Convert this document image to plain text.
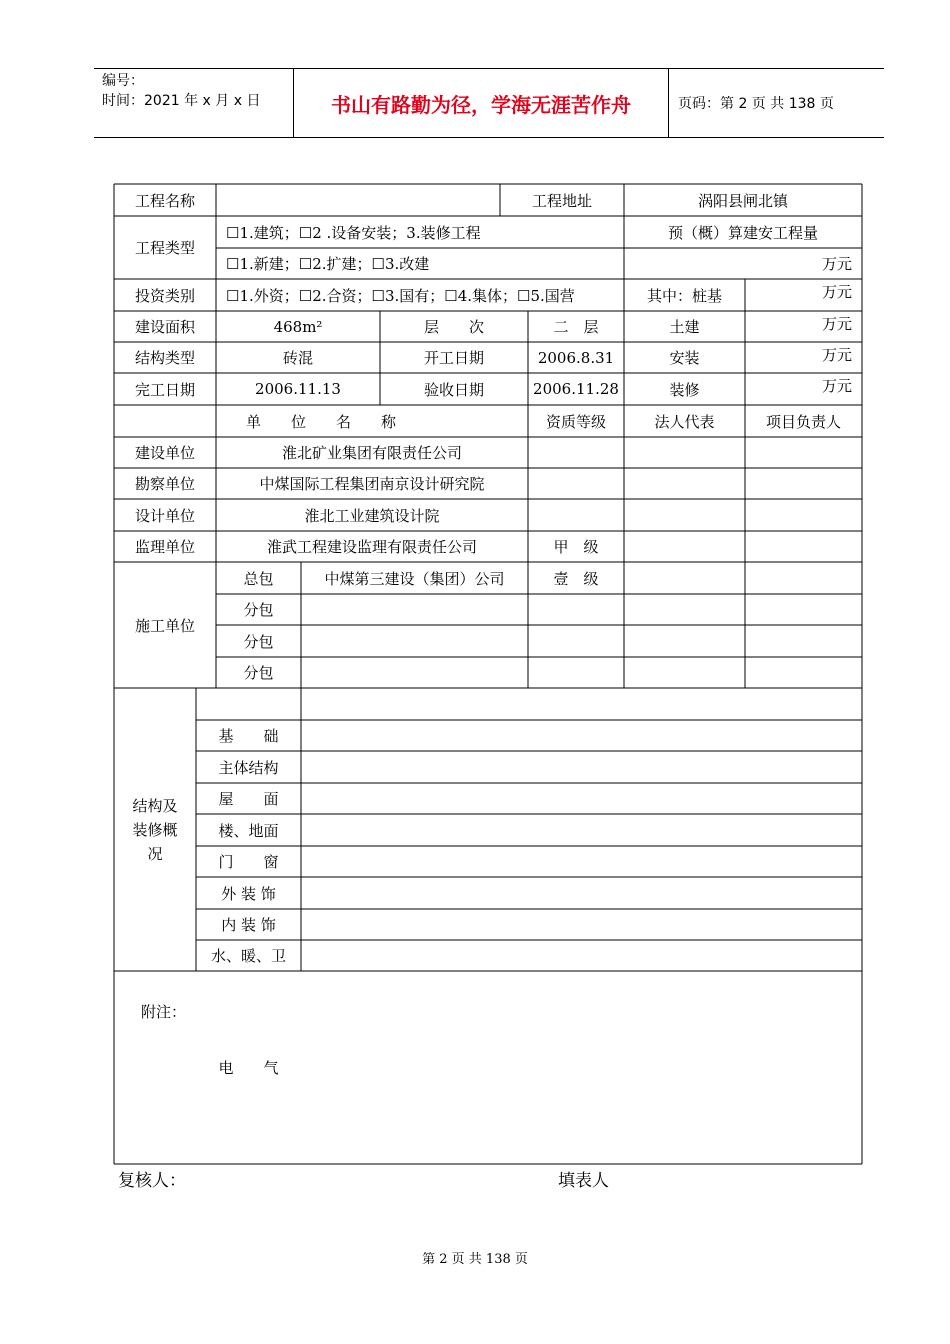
编号：
时间：2021 年 x 月 x 日	书山有路勤为径，学海无涯苦作舟	页码：第 2 页 共 138 页
工程名称	工程地址	涡阳县闸北镇
工程类型
☐1.建筑；☐2 .设备安装；3.装修工程	预（概）算建安工程量
☐1.新建；☐2.扩建；☐3.改建	万元
投资类别	☐1.外资；☐2.合资；☐3.国有；☐4.集体；☐5.国营	其中：桩基	万元
建设面积	468m²	层　　次	二　层	土建	万元
结构类型	砖混	开工日期	2006.8.31	安装	万元
完工日期	2006.11.13	验收日期	2006.11.28	装修	万元
单　　位　　名　　称	资质等级	法人代表	项目负责人
建设单位	淮北矿业集团有限责任公司
勘察单位	中煤国际工程集团南京设计研究院
设计单位	淮北工业建筑设计院
监理单位	淮武工程建设监理有限责任公司	甲　级
施工单位
总包	中煤第三建设（集团）公司	壹　级
分包
分包
分包
结构及装修概况
基　　础
主体结构
屋　　面
楼、地面
门　　窗
外 装 饰
内 装 饰
水、暖、卫
电　　气
附注：
复核人：	填表人
第 2 页 共 138 页
